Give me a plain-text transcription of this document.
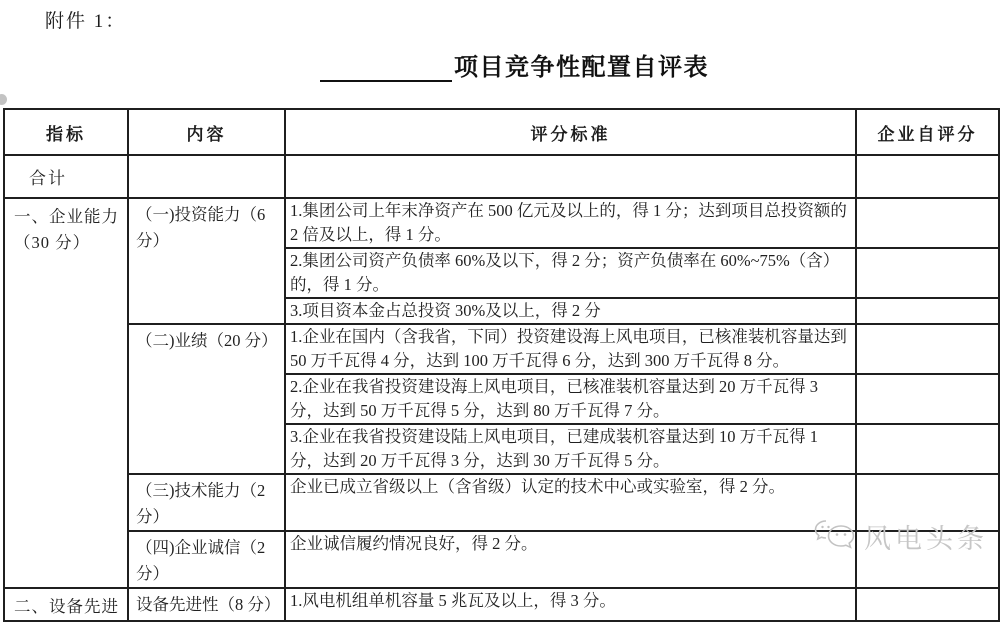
附件 1：
项目竞争性配置自评表
指标	内容	评分标准	企业自评分
合计			
一、企业能力（30 分）	（一)投资能力（6 分）	1.集团公司上年末净资产在 500 亿元及以上的，得 1 分；达到项目总投资额的 2 倍及以上，得 1 分。	
		2.集团公司资产负债率 60%及以下，得 2 分；资产负债率在 60%~75%（含）的，得 1 分。	
		3.项目资本金占总投资 30%及以上，得 2 分	
	（二)业绩（20 分）	1.企业在国内（含我省，下同）投资建设海上风电项目，已核准装机容量达到 50 万千瓦得 4 分，达到 100 万千瓦得 6 分，达到 300 万千瓦得 8 分。	
		2.企业在我省投资建设海上风电项目，已核准装机容量达到 20 万千瓦得 3 分，达到 50 万千瓦得 5 分，达到 80 万千瓦得 7 分。	
		3.企业在我省投资建设陆上风电项目，已建成装机容量达到 10 万千瓦得 1 分，达到 20 万千瓦得 3 分，达到 30 万千瓦得 5 分。	
	（三)技术能力（2 分）	企业已成立省级以上（含省级）认定的技术中心或实验室，得 2 分。	
	（四)企业诚信（2 分）	企业诚信履约情况良好，得 2 分。	
二、设备先进	设备先进性（8 分）	1.风电机组单机容量 5 兆瓦及以上，得 3 分。	
风电头条
